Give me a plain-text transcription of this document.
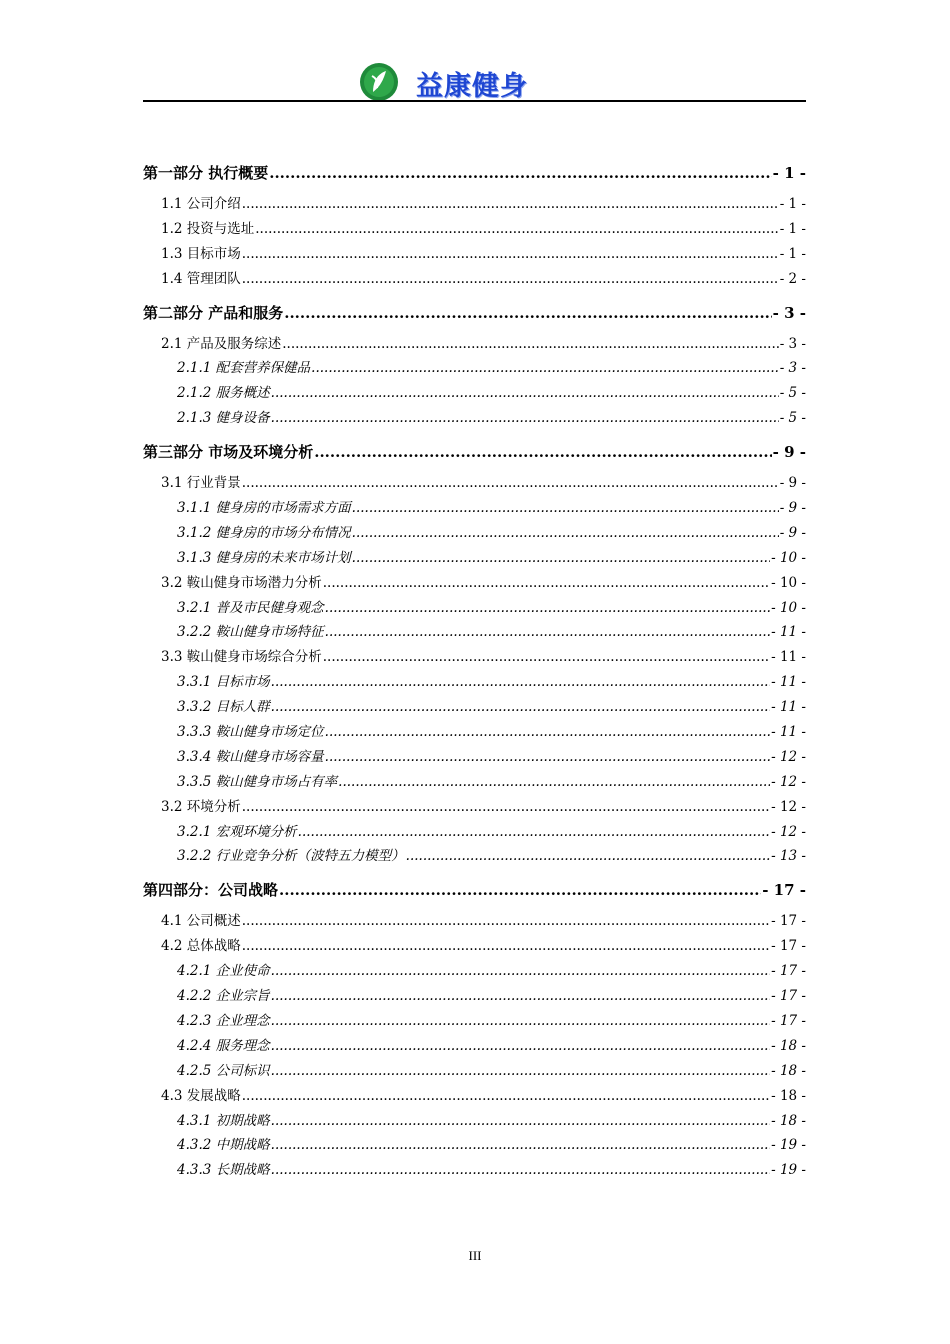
益康健身
第一部分 执行概要 .....	- 1 -
1.1 公司介绍 .....	- 1 -
1.2 投资与选址 .....	- 1 -
1.3 目标市场 .....	- 1 -
1.4 管理团队 .....	- 2 -
第二部分 产品和服务 .....	- 3 -
2.1 产品及服务综述 .....	- 3 -
2.1.1 配套营养保健品 .....	- 3 -
2.1.2 服务概述 .....	- 5 -
2.1.3 健身设备 .....	- 5 -
第三部分 市场及环境分析 .....	- 9 -
3.1 行业背景 .....	- 9 -
3.1.1 健身房的市场需求方面 .....	- 9 -
3.1.2 健身房的市场分布情况 .....	- 9 -
3.1.3 健身房的未来市场计划 .....	- 10 -
3.2 鞍山健身市场潜力分析 .....	- 10 -
3.2.1 普及市民健身观念 .....	- 10 -
3.2.2 鞍山健身市场特征 .....	- 11 -
3.3 鞍山健身市场综合分析 .....	- 11 -
3.3.1 目标市场 .....	- 11 -
3.3.2 目标人群 .....	- 11 -
3.3.3 鞍山健身市场定位 .....	- 11 -
3.3.4 鞍山健身市场容量 .....	- 12 -
3.3.5 鞍山健身市场占有率 .....	- 12 -
3.2 环境分析 .....	- 12 -
3.2.1 宏观环境分析 .....	- 12 -
3.2.2 行业竞争分析（波特五力模型） .....	- 13 -
第四部分：公司战略 .....	- 17 -
4.1 公司概述 .....	- 17 -
4.2 总体战略 .....	- 17 -
4.2.1 企业使命 .....	- 17 -
4.2.2 企业宗旨 .....	- 17 -
4.2.3 企业理念 .....	- 17 -
4.2.4 服务理念 .....	- 18 -
4.2.5 公司标识 .....	- 18 -
4.3 发展战略 .....	- 18 -
4.3.1 初期战略 .....	- 18 -
4.3.2 中期战略 .....	- 19 -
4.3.3 长期战略 .....	- 19 -
III
